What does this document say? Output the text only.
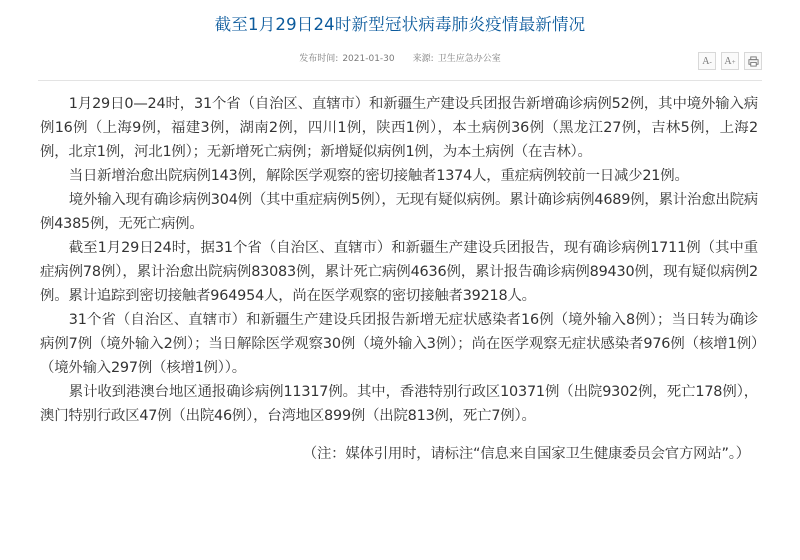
截至1月29日24时新型冠状病毒肺炎疫情最新情况
发布时间: 2021-01-30 来源: 卫生应急办公室	A- A+

1月29日0—24时，31个省（自治区、直辖市）和新疆生产建设兵团报告新增确诊病例52例，其中境外输入病例16例（上海9例，福建3例，湖南2例，四川1例，陕西1例），本土病例36例（黑龙江27例，吉林5例，上海2例，北京1例，河北1例）；无新增死亡病例；新增疑似病例1例，为本土病例（在吉林）。

当日新增治愈出院病例143例，解除医学观察的密切接触者1374人，重症病例较前一日减少21例。

境外输入现有确诊病例304例（其中重症病例5例），无现有疑似病例。累计确诊病例4689例，累计治愈出院病例4385例，无死亡病例。

截至1月29日24时，据31个省（自治区、直辖市）和新疆生产建设兵团报告，现有确诊病例1711例（其中重症病例78例），累计治愈出院病例83083例，累计死亡病例4636例，累计报告确诊病例89430例，现有疑似病例2例。累计追踪到密切接触者964954人，尚在医学观察的密切接触者39218人。

31个省（自治区、直辖市）和新疆生产建设兵团报告新增无症状感染者16例（境外输入8例）；当日转为确诊病例7例（境外输入2例）；当日解除医学观察30例（境外输入3例）；尚在医学观察无症状感染者976例（核增1例）（境外输入297例（核增1例））。

累计收到港澳台地区通报确诊病例11317例。其中，香港特别行政区10371例（出院9302例，死亡178例），澳门特别行政区47例（出院46例），台湾地区899例（出院813例，死亡7例）。

（注：媒体引用时，请标注“信息来自国家卫生健康委员会官方网站”。）
